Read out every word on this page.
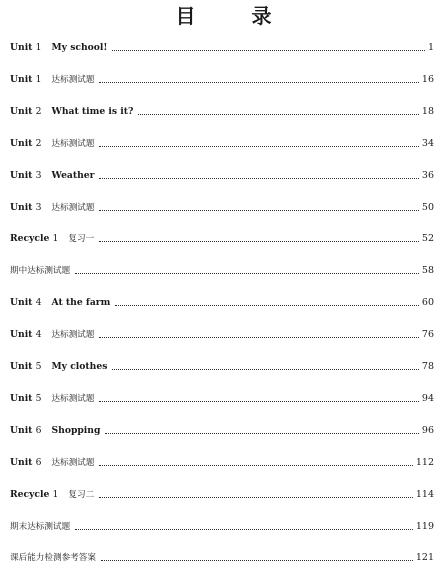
目　录
Unit 1 My school!	1
Unit 1 达标测试题	16
Unit 2 What time is it?	18
Unit 2 达标测试题	34
Unit 3 Weather	36
Unit 3 达标测试题	50
Recycle 1 复习一	52
期中达标测试题	58
Unit 4 At the farm	60
Unit 4 达标测试题	76
Unit 5 My clothes	78
Unit 5 达标测试题	94
Unit 6 Shopping	96
Unit 6 达标测试题	112
Recycle 1 复习二	114
期末达标测试题	119
课后能力检测参考答案	121
